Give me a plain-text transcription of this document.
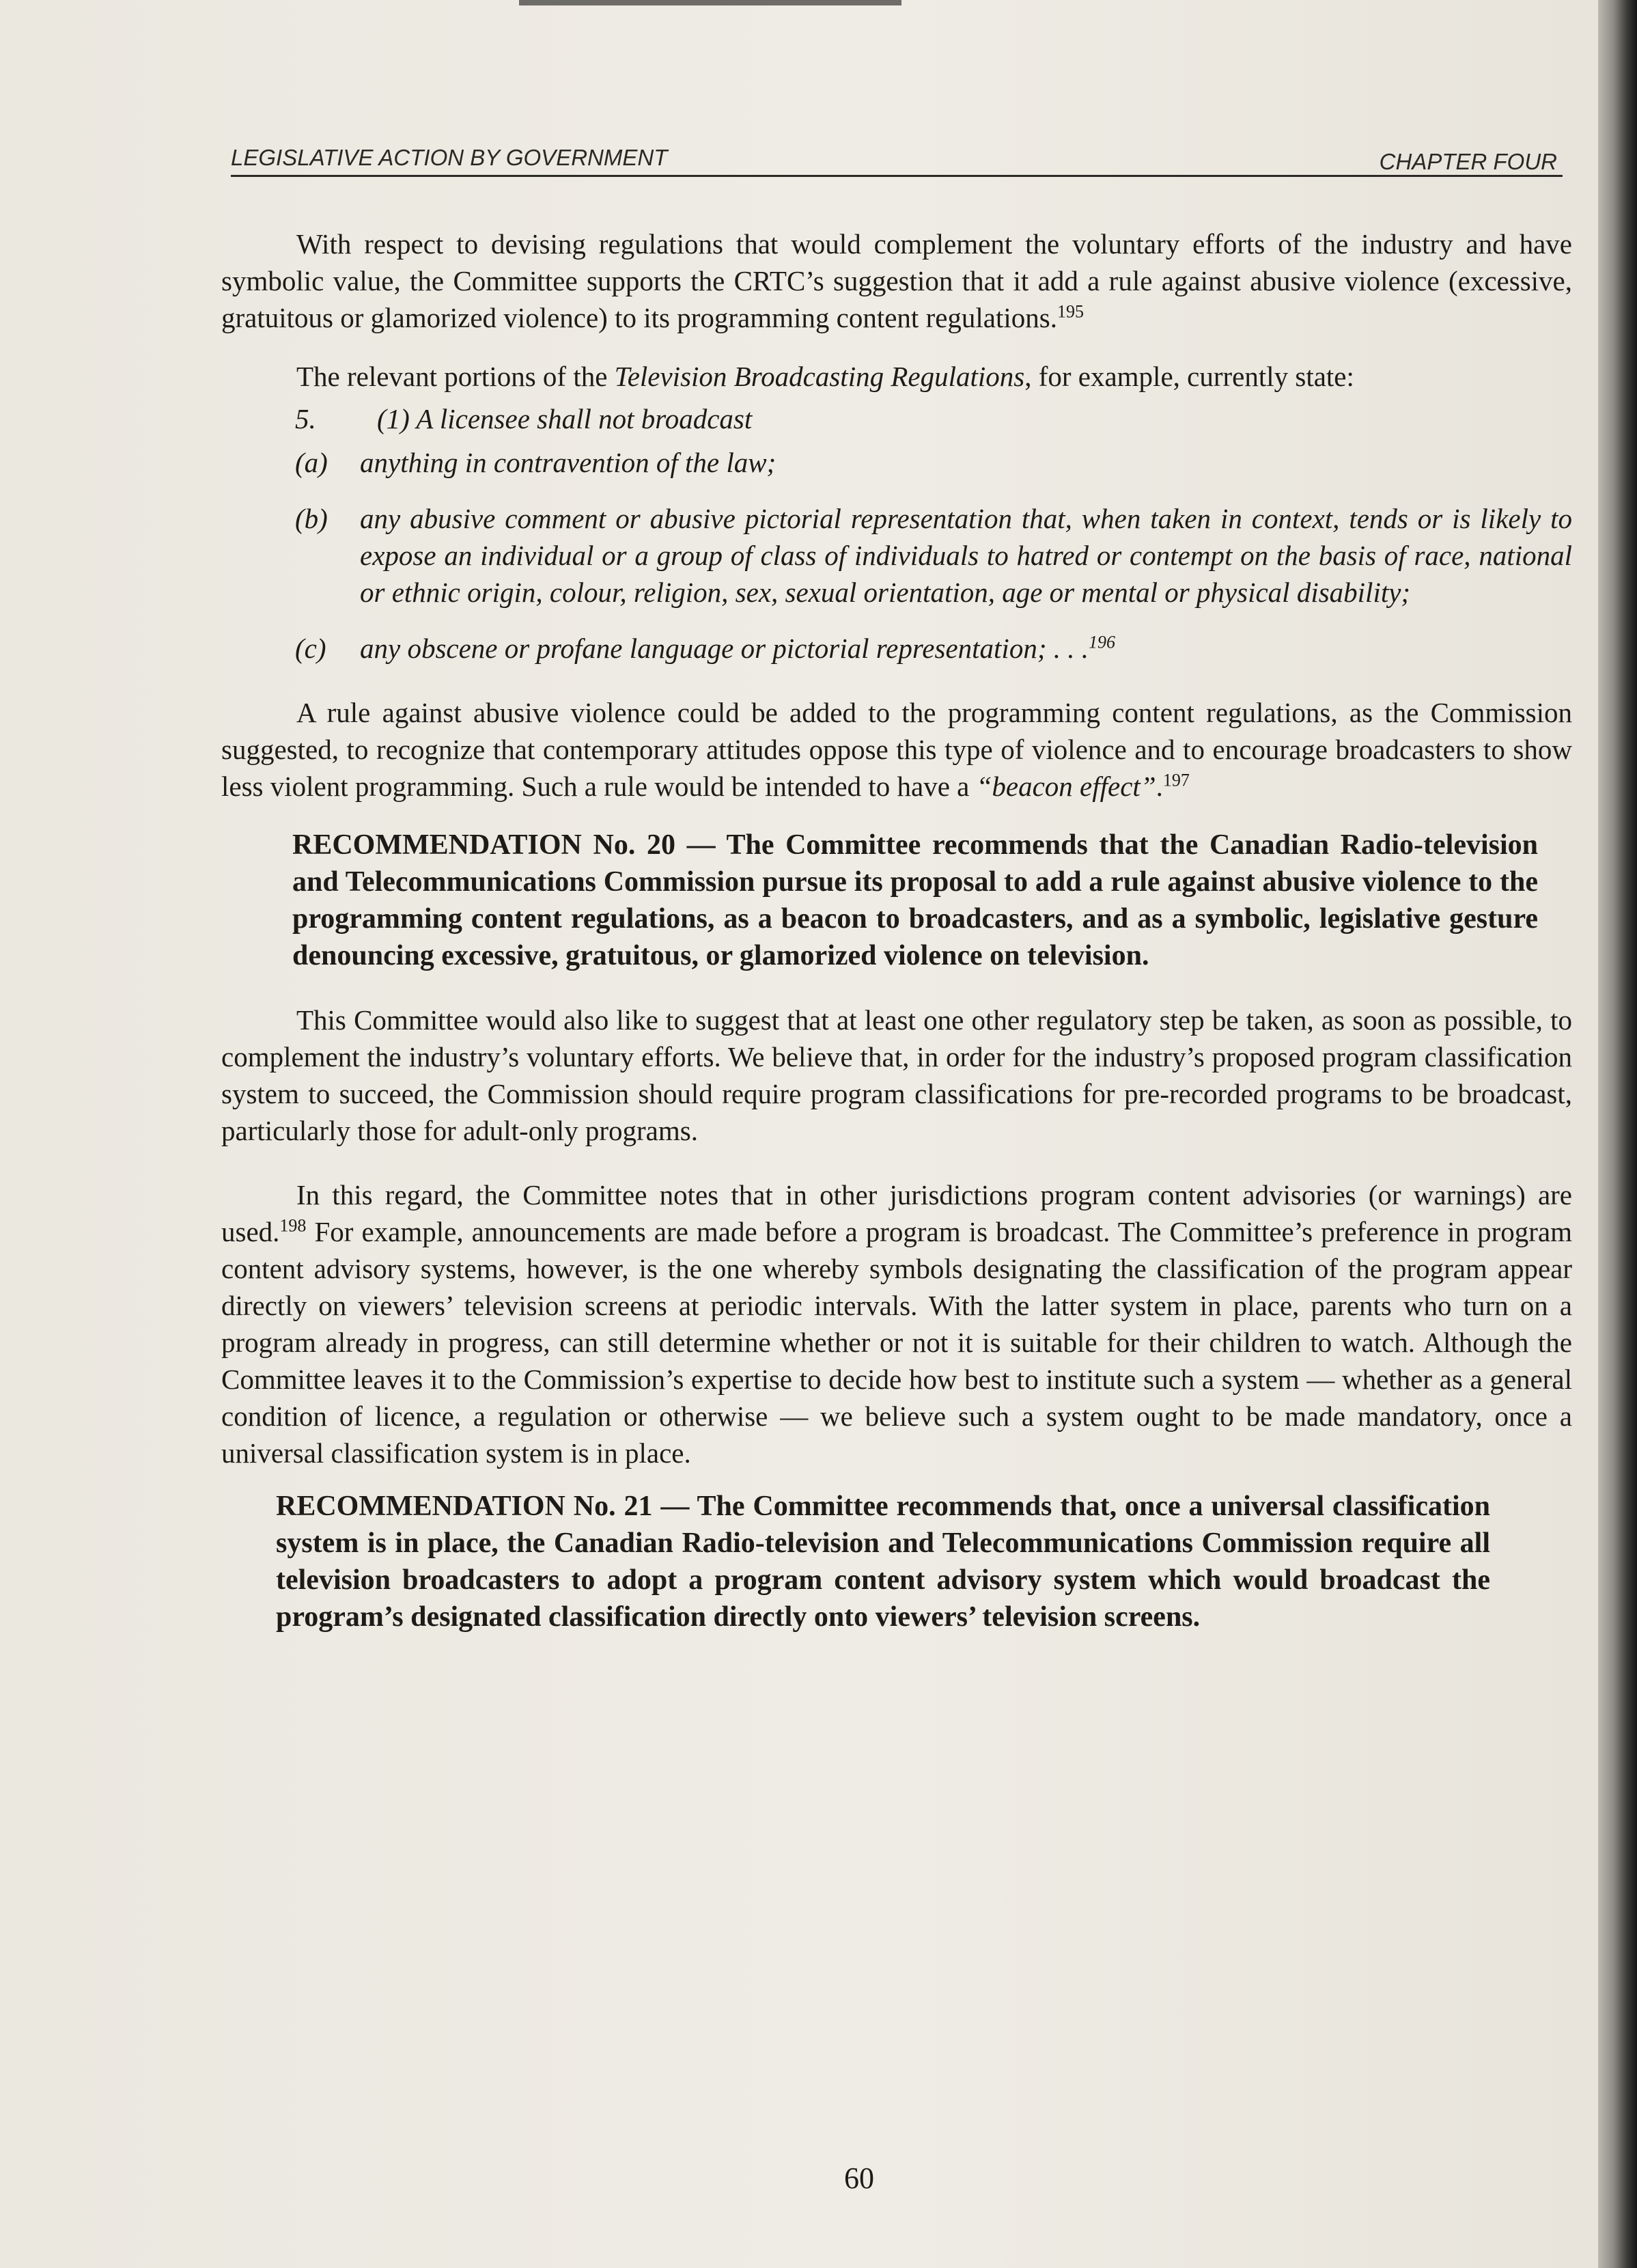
LEGISLATIVE ACTION BY GOVERNMENT	CHAPTER FOUR

With respect to devising regulations that would complement the voluntary efforts of the industry and have symbolic value, the Committee supports the CRTC’s suggestion that it add a rule against abusive violence (excessive, gratuitous or glamorized violence) to its programming content regulations.$^{195}$

The relevant portions of the Television Broadcasting Regulations, for example, currently state:

5.	(1) A licensee shall not broadcast
(a)	anything in contravention of the law;
(b)	any abusive comment or abusive pictorial representation that, when taken in context, tends or is likely to expose an individual or a group of class of individuals to hatred or contempt on the basis of race, national or ethnic origin, colour, religion, sex, sexual orientation, age or mental or physical disability;
(c)	any obscene or profane language or pictorial representation; . . .$^{196}$

A rule against abusive violence could be added to the programming content regulations, as the Commission suggested, to recognize that contemporary attitudes oppose this type of violence and to encourage broadcasters to show less violent programming. Such a rule would be intended to have a “beacon effect”.$^{197}$

RECOMMENDATION No. 20 — The Committee recommends that the Canadian Radio-television and Telecommunications Commission pursue its proposal to add a rule against abusive violence to the programming content regulations, as a beacon to broadcasters, and as a symbolic, legislative gesture denouncing excessive, gratuitous, or glamorized violence on television.

This Committee would also like to suggest that at least one other regulatory step be taken, as soon as possible, to complement the industry’s voluntary efforts. We believe that, in order for the industry’s proposed program classification system to succeed, the Commission should require program classifications for pre-recorded programs to be broadcast, particularly those for adult-only programs.

In this regard, the Committee notes that in other jurisdictions program content advisories (or warnings) are used.$^{198}$ For example, announcements are made before a program is broadcast. The Committee’s preference in program content advisory systems, however, is the one whereby symbols designating the classification of the program appear directly on viewers’ television screens at periodic intervals. With the latter system in place, parents who turn on a program already in progress, can still determine whether or not it is suitable for their children to watch. Although the Committee leaves it to the Commission’s expertise to decide how best to institute such a system — whether as a general condition of licence, a regulation or otherwise — we believe such a system ought to be made mandatory, once a universal classification system is in place.

RECOMMENDATION No. 21 — The Committee recommends that, once a universal classification system is in place, the Canadian Radio-television and Telecommunications Commission require all television broadcasters to adopt a program content advisory system which would broadcast the program’s designated classification directly onto viewers’ television screens.
60
